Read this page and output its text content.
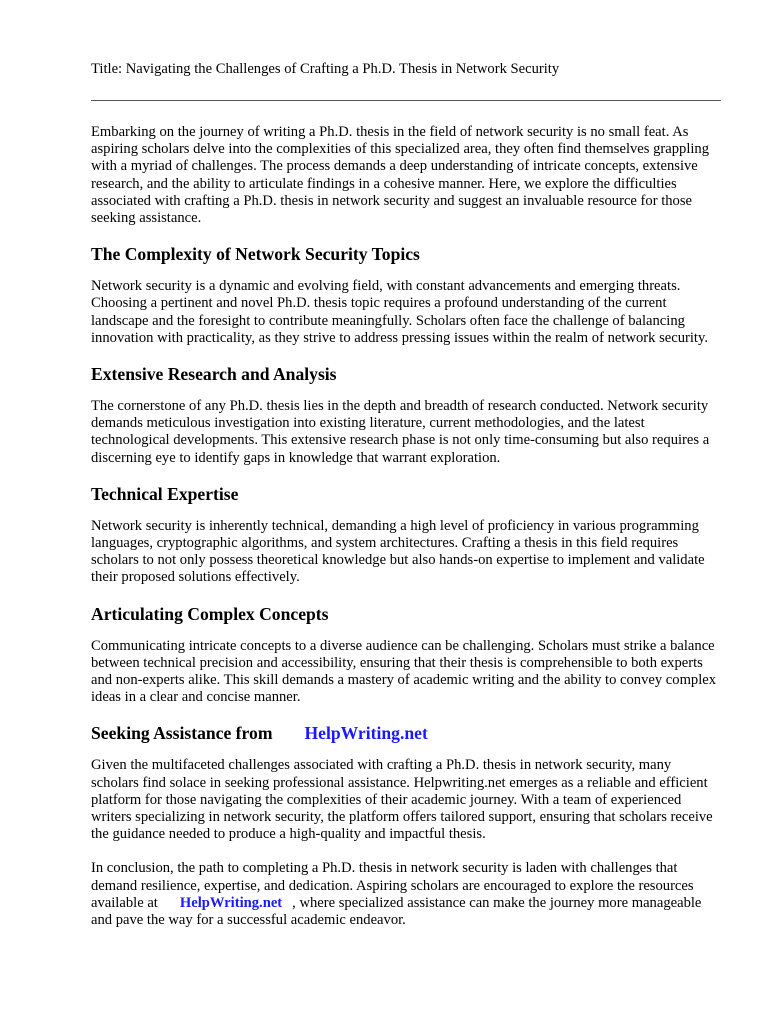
Title: Navigating the Challenges of Crafting a Ph.D. Thesis in Network Security

Embarking on the journey of writing a Ph.D. thesis in the field of network security is no small feat. As aspiring scholars delve into the complexities of this specialized area, they often find themselves grappling with a myriad of challenges. The process demands a deep understanding of intricate concepts, extensive research, and the ability to articulate findings in a cohesive manner. Here, we explore the difficulties associated with crafting a Ph.D. thesis in network security and suggest an invaluable resource for those seeking assistance.

The Complexity of Network Security Topics

Network security is a dynamic and evolving field, with constant advancements and emerging threats. Choosing a pertinent and novel Ph.D. thesis topic requires a profound understanding of the current landscape and the foresight to contribute meaningfully. Scholars often face the challenge of balancing innovation with practicality, as they strive to address pressing issues within the realm of network security.

Extensive Research and Analysis

The cornerstone of any Ph.D. thesis lies in the depth and breadth of research conducted. Network security demands meticulous investigation into existing literature, current methodologies, and the latest technological developments. This extensive research phase is not only time-consuming but also requires a discerning eye to identify gaps in knowledge that warrant exploration.

Technical Expertise

Network security is inherently technical, demanding a high level of proficiency in various programming languages, cryptographic algorithms, and system architectures. Crafting a thesis in this field requires scholars to not only possess theoretical knowledge but also hands-on expertise to implement and validate their proposed solutions effectively.

Articulating Complex Concepts

Communicating intricate concepts to a diverse audience can be challenging. Scholars must strike a balance between technical precision and accessibility, ensuring that their thesis is comprehensible to both experts and non-experts alike. This skill demands a mastery of academic writing and the ability to convey complex ideas in a clear and concise manner.

Seeking Assistance from HelpWriting.net

Given the multifaceted challenges associated with crafting a Ph.D. thesis in network security, many scholars find solace in seeking professional assistance. Helpwriting.net emerges as a reliable and efficient platform for those navigating the complexities of their academic journey. With a team of experienced writers specializing in network security, the platform offers tailored support, ensuring that scholars receive the guidance needed to produce a high-quality and impactful thesis.

In conclusion, the path to completing a Ph.D. thesis in network security is laden with challenges that demand resilience, expertise, and dedication. Aspiring scholars are encouraged to explore the resources available at HelpWriting.net , where specialized assistance can make the journey more manageable and pave the way for a successful academic endeavor.
